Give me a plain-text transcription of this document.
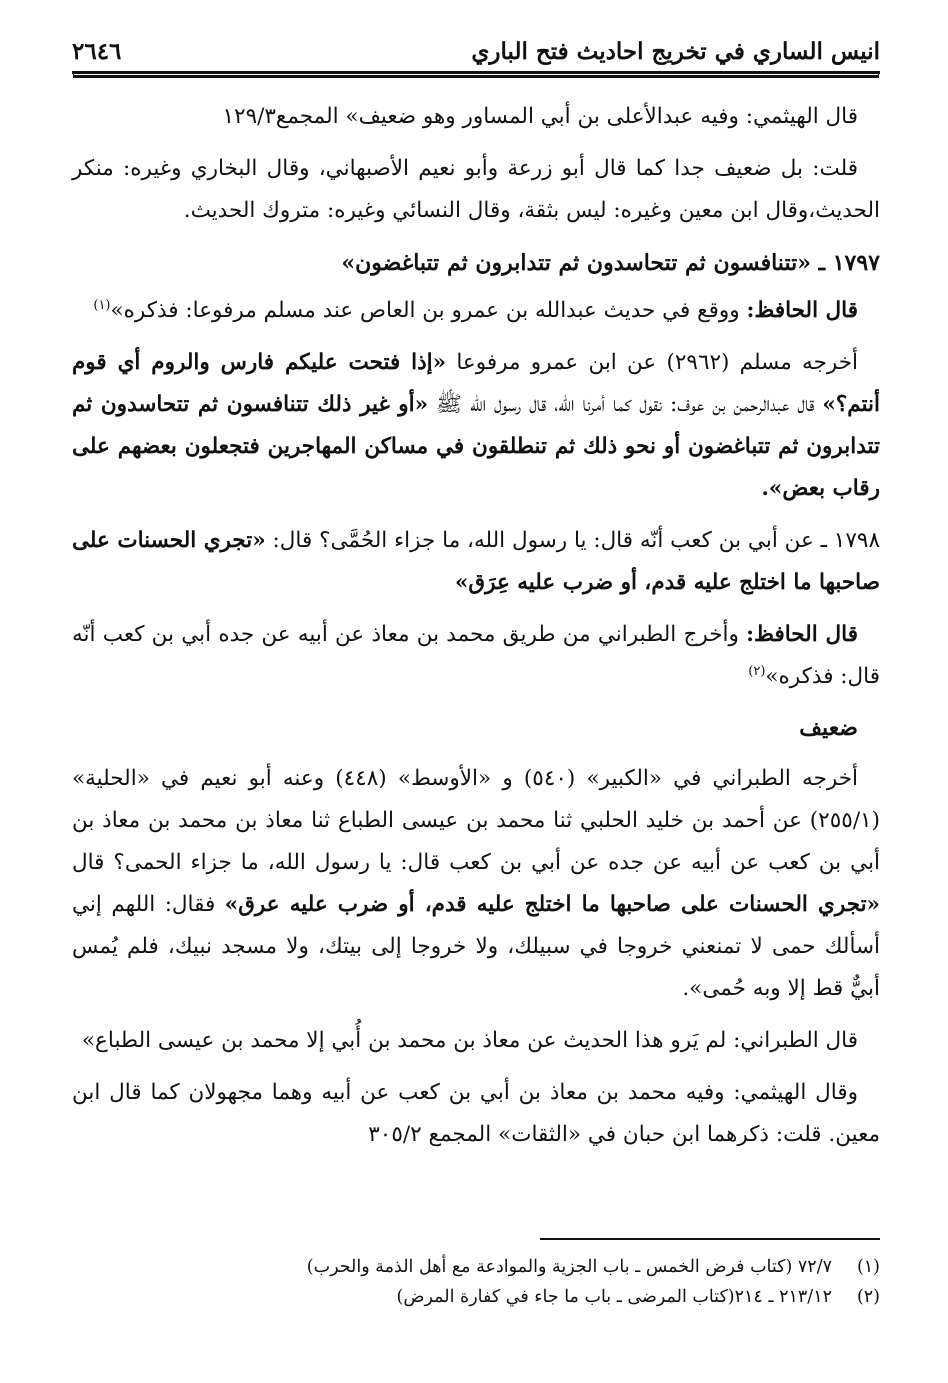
انيس الساري في تخريج احاديث فتح الباري
٢٦٤٦

قال الهيثمي: وفيه عبدالأعلى بن أبي المساور وهو ضعيف» المجمع١٢٩/٣

قلت: بل ضعيف جدا كما قال أبو زرعة وأبو نعيم الأصبهاني، وقال البخاري وغيره: منكر الحديث،وقال ابن معين وغيره: ليس بثقة، وقال النسائي وغيره: متروك الحديث.

١٧٩٧ ـ «تتنافسون ثم تتحاسدون ثم تتدابرون ثم تتباغضون»

قال الحافظ: ووقع في حديث عبدالله بن عمرو بن العاص عند مسلم مرفوعا: فذكره»$^{(١)}$

أخرجه مسلم (٢٩٦٢) عن ابن عمرو مرفوعا «إذا فتحت عليكم فارس والروم أي قوم أنتم؟» قال عبدالرحمن بن عوف: نقول كما أمرنا الله، قال رسول الله ﷺ «أو غير ذلك تتنافسون ثم تتحاسدون ثم تتدابرون ثم تتباغضون أو نحو ذلك ثم تنطلقون في مساكن المهاجرين فتجعلون بعضهم على رقاب بعض».

١٧٩٨ ـ عن أبي بن كعب أنّه قال: يا رسول الله، ما جزاء الحُمَّى؟ قال: «تجري الحسنات على صاحبها ما اختلج عليه قدم، أو ضرب عليه عِرَق»

قال الحافظ: وأخرج الطبراني من طريق محمد بن معاذ عن أبيه عن جده أبي بن كعب أنّه قال: فذكره»$^{(٢)}$

ضعيف

أخرجه الطبراني في «الكبير» (٥٤٠) و «الأوسط» (٤٤٨) وعنه أبو نعيم في «الحلية» (٢٥٥/١) عن أحمد بن خليد الحلبي ثنا محمد بن عيسى الطباع ثنا معاذ بن محمد بن معاذ بن أبي بن كعب عن أبيه عن جده عن أبي بن كعب قال: يا رسول الله، ما جزاء الحمى؟ قال «تجري الحسنات على صاحبها ما اختلج عليه قدم، أو ضرب عليه عرق» فقال: اللهم إني أسألك حمى لا تمنعني خروجا في سبيلك، ولا خروجا إلى بيتك، ولا مسجد نبيك، فلم يُمس أبيٌّ قط إلا وبه حُمى».

قال الطبراني: لم يَرو هذا الحديث عن معاذ بن محمد بن أُبي إلا محمد بن عيسى الطباع»

وقال الهيثمي: وفيه محمد بن معاذ بن أبي بن كعب عن أبيه وهما مجهولان كما قال ابن معين. قلت: ذكرهما ابن حبان في «الثقات» المجمع ٣٠٥/٢

(١)
٧٢/٧ (كتاب فرض الخمس ـ باب الجزية والموادعة مع أهل الذمة والحرب)
(٢)
٢١٣/١٢ ـ ٢١٤(كتاب المرضى ـ باب ما جاء في كفارة المرض)
